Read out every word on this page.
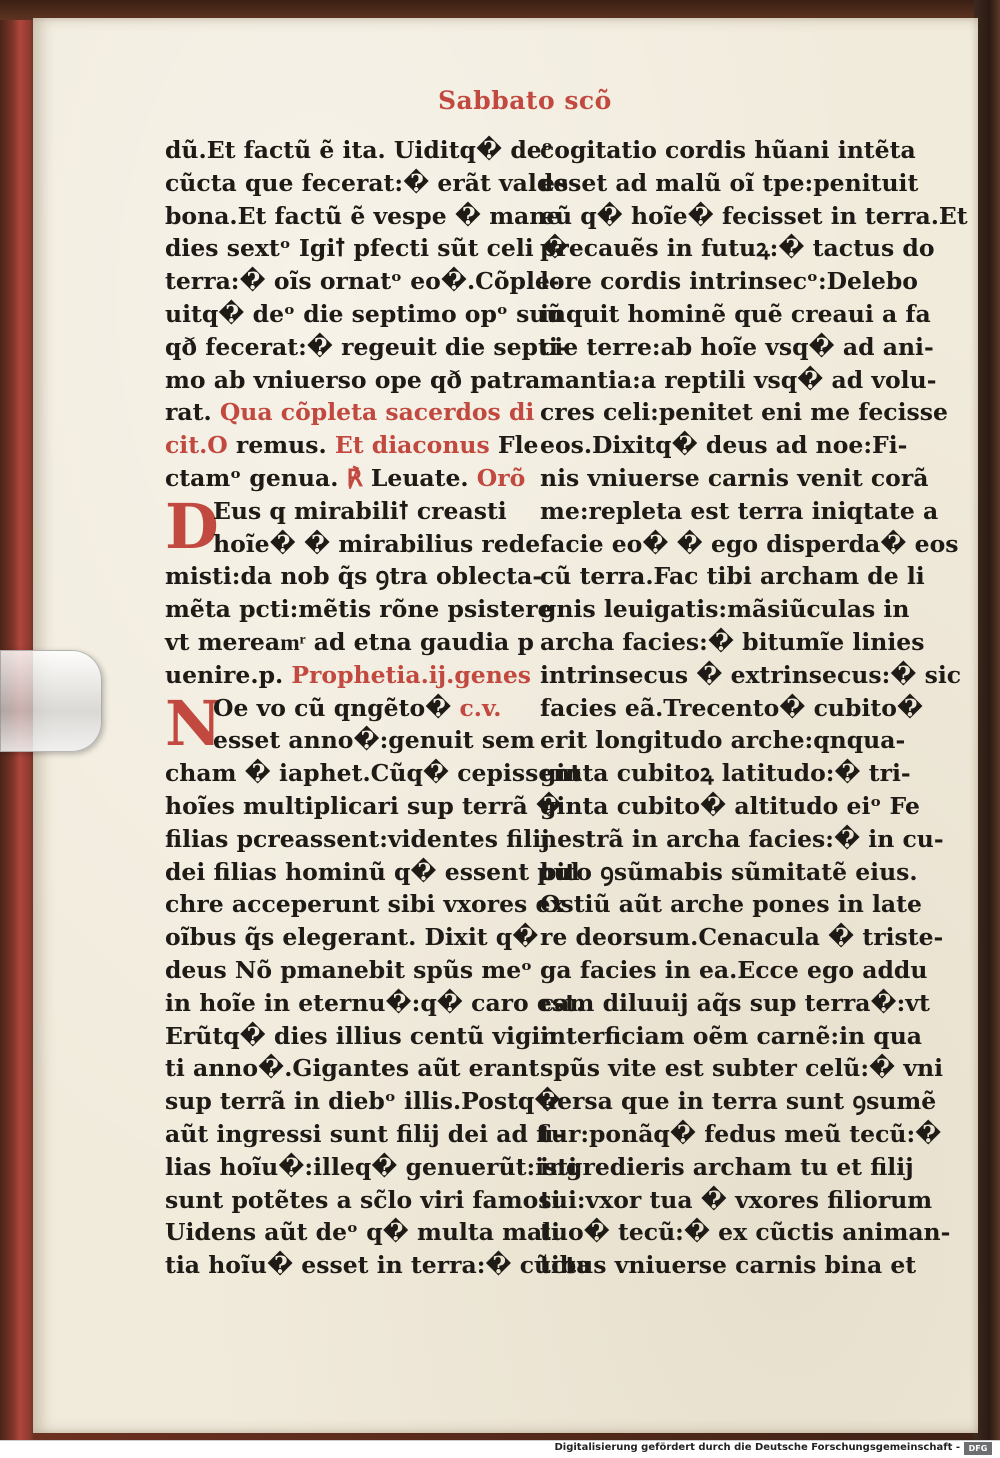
Sabbato scõ
dũ.Et factũ ẽ ita. Uiditq� deᵒ
cũcta que fecerat:� erãt valde
bona.Et factũ ẽ vespe � mane
dies sextᵒ Igiꝉ pfecti sũt celi �
terra:� oĩs ornatᵒ eo�.Cõple-
uitq� deᵒ die septimo opᵒ suũ
qð fecerat:� regeuit die septi-
mo ab vniuerso ope qð patra
rat. Qua cõpleta sacerdos di
cit.O remus. Et diaconus Fle
ctamᵒ genua. ℟ Leuate. Orõ
D
Eus q mirabiliꝉ creasti
hoĩe� � mirabilius rede
misti:da nob q̃s ꝯtra oblecta-
mẽta pcti:mẽtis rõne psistere
vt mereamͬ ad etna gaudia p
uenire.p. Prophetia.ij.genes
N
Oe vo cũ qngẽto� c.v.
esset anno�:genuit sem
cham � iaphet.Cũq� cepissent
hoĩes multiplicari sup terrã �
filias pcreassent:videntes filij
dei filias hominũ q� essent pul
chre acceperunt sibi vxores ex
oĩbus q̃s elegerant. Dixit q�
deus Nõ pmanebit spũs meᵒ
in hoĩe in eternu�:q� caro est.
Erũtq� dies illius centũ vigin
ti anno�.Gigantes aũt erant
sup terrã in diebᵒ illis.Postq�
aũt ingressi sunt filij dei ad fi-
lias hoĩu�:illeq� genuerũt:isti
sunt potẽtes a sc̃lo viri famosi
Uidens aũt deᵒ q� multa mali
tia hoĩu� esset in terra:� cũcta
cogitatio cordis hũani intẽta
esset ad malũ oĩ tpe:penituit
eũ q� hoĩe� fecisset in terra.Et
precauẽs in futuꝝ:� tactus do
lore cordis intrinsecᵒ:Delebo
inquit hominẽ quẽ creaui a fa
cie terre:ab hoĩe vsq� ad ani-
mantia:a reptili vsq� ad volu-
cres celi:penitet eni me fecisse
eos.Dixitq� deus ad noe:Fi-
nis vniuerse carnis venit corã
me:repleta est terra iniqtate a
facie eo� � ego disperda� eos
cũ terra.Fac tibi archam de li
gnis leuigatis:mãsiũculas in
archa facies:� bitumĩe linies
intrinsecus � extrinsecus:� sic
facies eã.Trecento� cubito�
erit longitudo arche:qnqua-
ginta cubitoꝝ latitudo:� tri-
ginta cubito� altitudo eiᵒ Fe
nestrã in archa facies:� in cu-
bito ꝯsũmabis sũmitatẽ eius.
Ostiũ aũt arche pones in late
re deorsum.Cenacula � triste-
ga facies in ea.Ecce ego addu
cam diluuij aq̃s sup terra�:vt
interficiam oẽm carnẽ:in qua
spũs vite est subter celũ:� vni
uersa que in terra sunt ꝯsumẽ
tur:ponãq� fedus meũ tecũ:�
ingredieris archam tu et filij
tui:vxor tua � vxores filiorum
tuo� tecũ:� ex cũctis animan-
tibus vniuerse carnis bina et
Digitalisierung gefördert durch die Deutsche Forschungsgemeinschaft -	DFG
